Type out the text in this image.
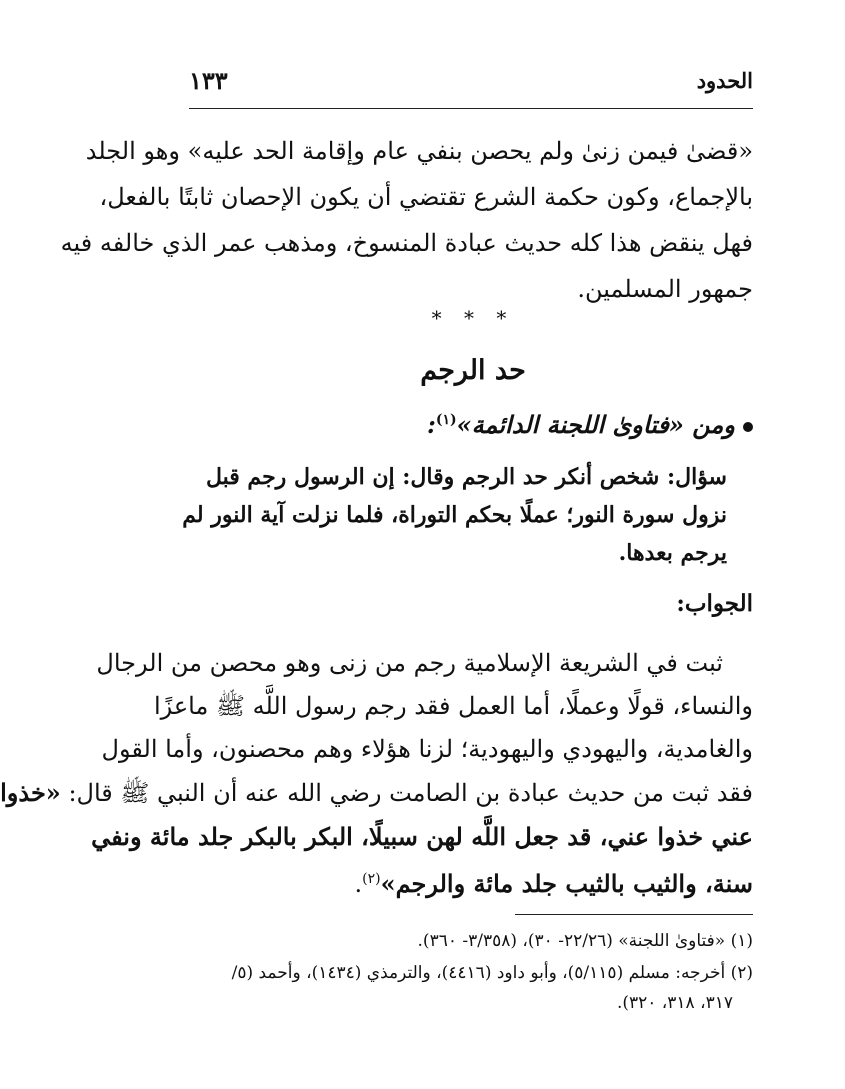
الحدود
١٣٣
«قضىٰ فيمن زنىٰ ولم يحصن بنفي عام وإقامة الحد عليه» وهو الجلد
بالإجماع، وكون حكمة الشرع تقتضي أن يكون الإحصان ثابتًا بالفعل،
فهل ينقض هذا كله حديث عبادة المنسوخ، ومذهب عمر الذي خالفه فيه
جمهور المسلمين.
* * *
حد الرجم
ومن «فتاوىٰ اللجنة الدائمة»$^{(١)}$:
سؤال: شخص أنكر حد الرجم وقال: إن الرسول رجم قبل
نزول سورة النور؛ عملًا بحكم التوراة، فلما نزلت آية النور لم
يرجم بعدها.
الجواب:
ثبت في الشريعة الإسلامية رجم من زنى وهو محصن من الرجال
والنساء، قولًا وعملًا، أما العمل فقد رجم رسول اللَّه ﷺ ماعزًا
والغامدية، واليهودي واليهودية؛ لزنا هؤلاء وهم محصنون، وأما القول
فقد ثبت من حديث عبادة بن الصامت رضي الله عنه أن النبي ﷺ قال: «خذوا
عني خذوا عني، قد جعل اللَّه لهن سبيلًا، البكر بالبكر جلد مائة ونفي
سنة، والثيب بالثيب جلد مائة والرجم»$^{(٢)}$.
(١) «فتاوىٰ اللجنة» (٢٢/٢٦- ٣٠)، (٣/٣٥٨- ٣٦٠).
(٢) أخرجه: مسلم (٥/١١٥)، وأبو داود (٤٤١٦)، والترمذي (١٤٣٤)، وأحمد (٥/
٣١٧، ٣١٨، ٣٢٠).
